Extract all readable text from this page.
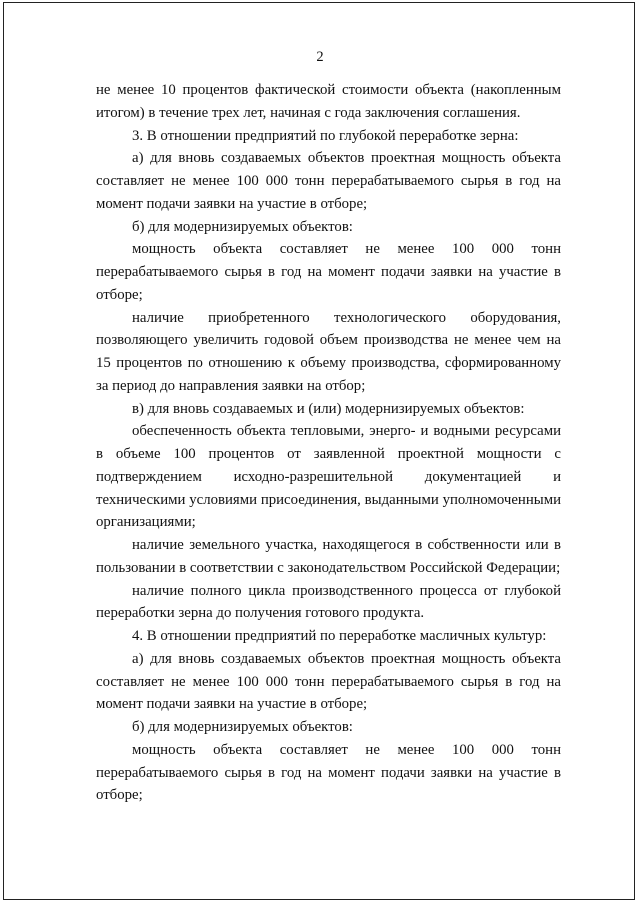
2

не менее 10 процентов фактической стоимости объекта (накопленным итогом) в течение трех лет, начиная с года заключения соглашения.

3. В отношении предприятий по глубокой переработке зерна:

а) для вновь создаваемых объектов проектная мощность объекта составляет не менее 100 000 тонн перерабатываемого сырья в год на момент подачи заявки на участие в отборе;

б) для модернизируемых объектов:

мощность объекта составляет не менее 100 000 тонн перерабатываемого сырья в год на момент подачи заявки на участие в отборе;

наличие приобретенного технологического оборудования, позволяющего увеличить годовой объем производства не менее чем на 15 процентов по отношению к объему производства, сформированному за период до направления заявки на отбор;

в) для вновь создаваемых и (или) модернизируемых объектов:

обеспеченность объекта тепловыми, энерго- и водными ресурсами в объеме 100 процентов от заявленной проектной мощности с подтверждением исходно-разрешительной документацией и техническими условиями присоединения, выданными уполномоченными организациями;

наличие земельного участка, находящегося в собственности или в пользовании в соответствии с законодательством Российской Федерации;

наличие полного цикла производственного процесса от глубокой переработки зерна до получения готового продукта.

4. В отношении предприятий по переработке масличных культур:

а) для вновь создаваемых объектов проектная мощность объекта составляет не менее 100 000 тонн перерабатываемого сырья в год на момент подачи заявки на участие в отборе;

б) для модернизируемых объектов:

мощность объекта составляет не менее 100 000 тонн перерабатываемого сырья в год на момент подачи заявки на участие в отборе;
